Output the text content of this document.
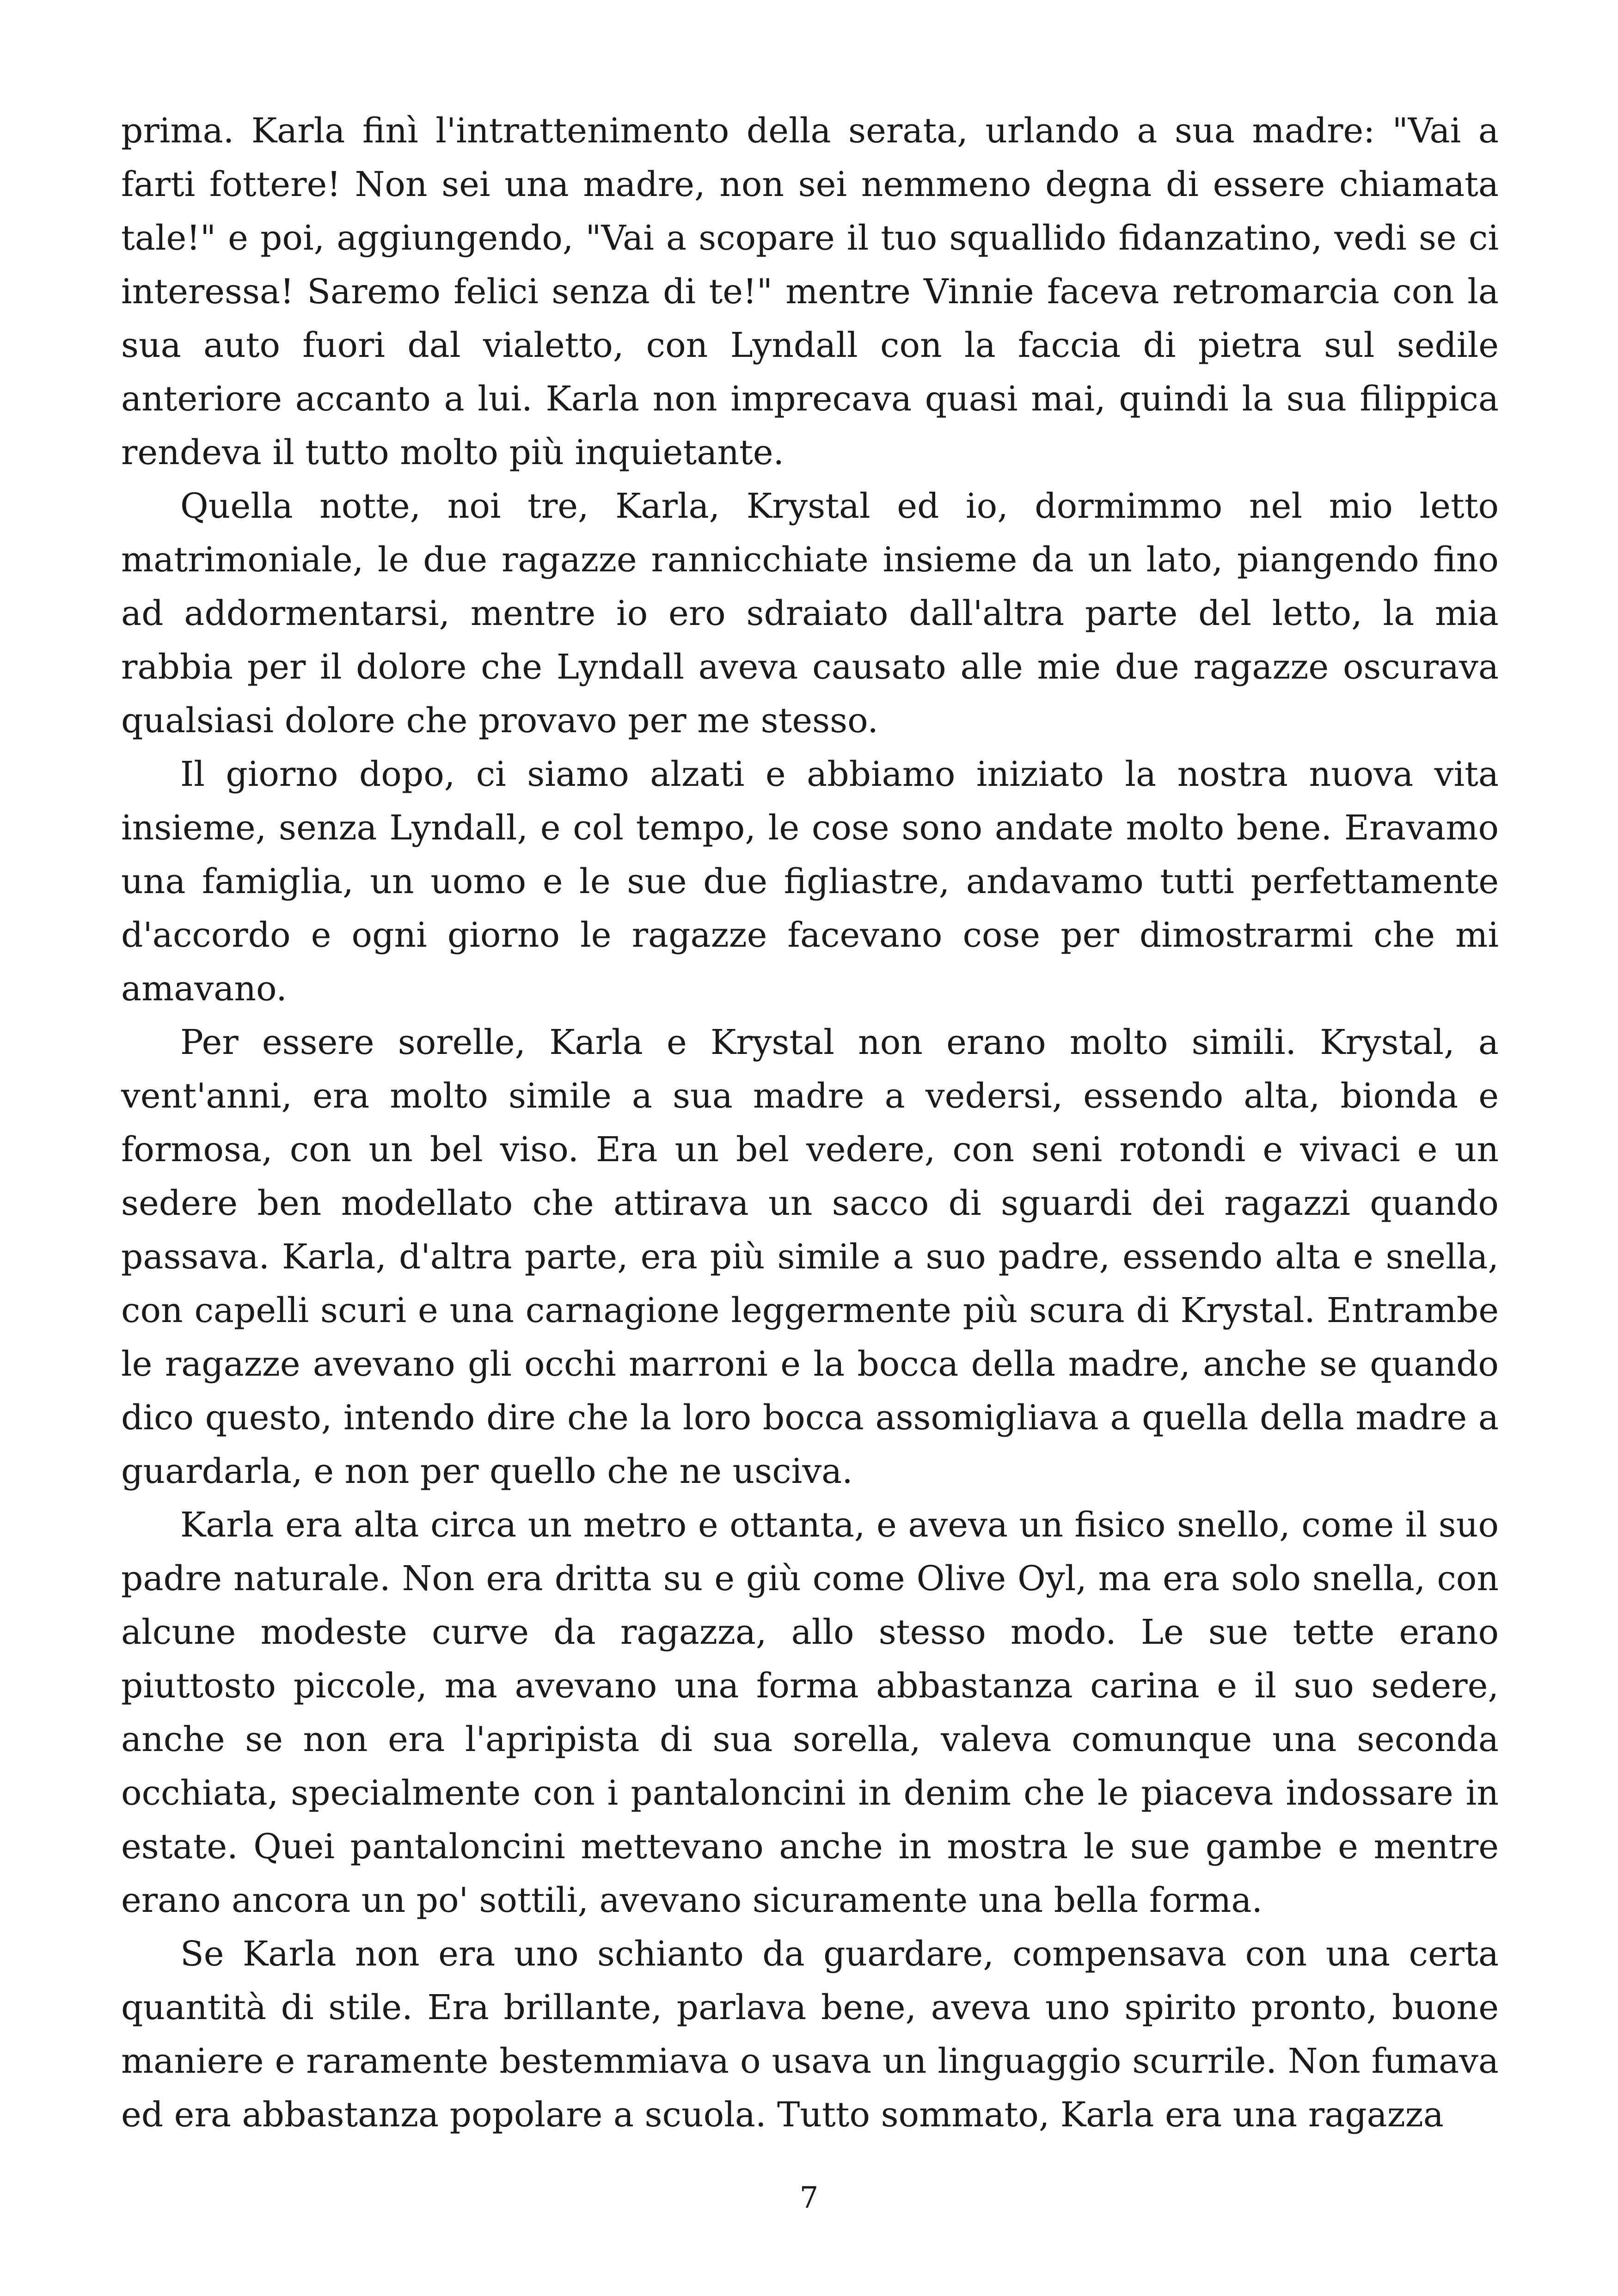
prima. Karla finì l'intrattenimento della serata, urlando a sua madre: "Vai a farti fottere! Non sei una madre, non sei nemmeno degna di essere chiamata tale!" e poi, aggiungendo, "Vai a scopare il tuo squallido fidanzatino, vedi se ci interessa! Saremo felici senza di te!" mentre Vinnie faceva retromarcia con la sua auto fuori dal vialetto, con Lyndall con la faccia di pietra sul sedile anteriore accanto a lui. Karla non imprecava quasi mai, quindi la sua filippica rendeva il tutto molto più inquietante.

Quella notte, noi tre, Karla, Krystal ed io, dormimmo nel mio letto matrimoniale, le due ragazze rannicchiate insieme da un lato, piangendo fino ad addormentarsi, mentre io ero sdraiato dall'altra parte del letto, la mia rabbia per il dolore che Lyndall aveva causato alle mie due ragazze oscurava qualsiasi dolore che provavo per me stesso.

Il giorno dopo, ci siamo alzati e abbiamo iniziato la nostra nuova vita insieme, senza Lyndall, e col tempo, le cose sono andate molto bene. Eravamo una famiglia, un uomo e le sue due figliastre, andavamo tutti perfettamente d'accordo e ogni giorno le ragazze facevano cose per dimostrarmi che mi amavano.

Per essere sorelle, Karla e Krystal non erano molto simili. Krystal, a vent'anni, era molto simile a sua madre a vedersi, essendo alta, bionda e formosa, con un bel viso. Era un bel vedere, con seni rotondi e vivaci e un sedere ben modellato che attirava un sacco di sguardi dei ragazzi quando passava. Karla, d'altra parte, era più simile a suo padre, essendo alta e snella, con capelli scuri e una carnagione leggermente più scura di Krystal. Entrambe le ragazze avevano gli occhi marroni e la bocca della madre, anche se quando dico questo, intendo dire che la loro bocca assomigliava a quella della madre a guardarla, e non per quello che ne usciva.

Karla era alta circa un metro e ottanta, e aveva un fisico snello, come il suo padre naturale. Non era dritta su e giù come Olive Oyl, ma era solo snella, con alcune modeste curve da ragazza, allo stesso modo. Le sue tette erano piuttosto piccole, ma avevano una forma abbastanza carina e il suo sedere, anche se non era l'apripista di sua sorella, valeva comunque una seconda occhiata, specialmente con i pantaloncini in denim che le piaceva indossare in estate. Quei pantaloncini mettevano anche in mostra le sue gambe e mentre erano ancora un po' sottili, avevano sicuramente una bella forma.

Se Karla non era uno schianto da guardare, compensava con una certa quantità di stile. Era brillante, parlava bene, aveva uno spirito pronto, buone maniere e raramente bestemmiava o usava un linguaggio scurrile. Non fumava ed era abbastanza popolare a scuola. Tutto sommato, Karla era una ragazza

7
